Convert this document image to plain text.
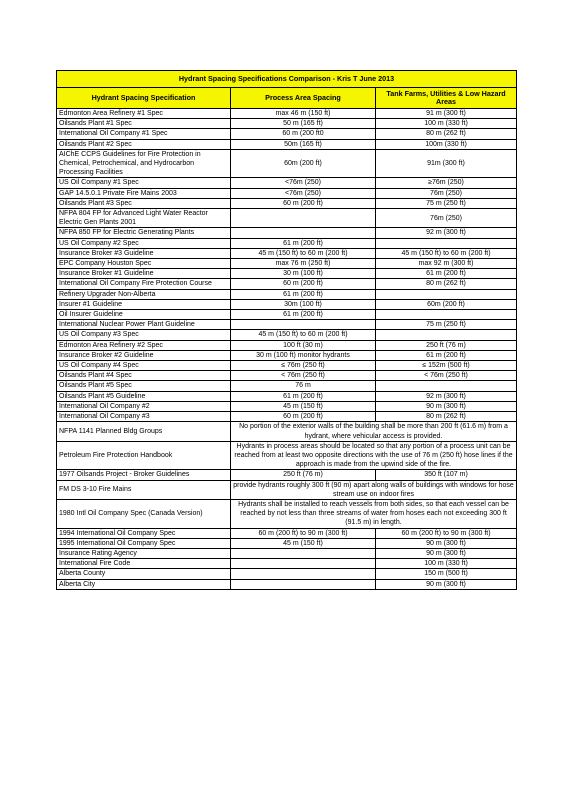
Hydrant Spacing Specifications Comparison - Kris T June 2013		
Hydrant Spacing Specification	Process Area Spacing	Tank Farms, Utilities & Low Hazard Areas
Edmonton Area Refinery #1 Spec	max 46 m (150 ft)	91 m (300 ft)
Oilsands Plant #1 Spec	50 m (165 ft)	100 m (330 ft)
International Oil Company #1 Spec	60 m (200 ft0	80 m (262 ft)
Oilsands Plant #2 Spec	50m (165 ft)	100m (330 ft)
AIChE CCPS Guidelines for Fire Protection in Chemical, Petrochemical, and Hydrocarbon Processing Facilities	60m (200 ft)	91m (300 ft)
US Oil Company #1 Spec	<76m (250)	≥76m (250)
GAP 14.5.0.1 Private Fire Mains 2003	<76m (250)	76m (250)
Oilsands Plant #3 Spec	60 m (200 ft)	75 m (250 ft)
NFPA 804 FP for Advanced Light Water Reactor Electric Gen Plants 2001		76m (250)
NFPA 850 FP for Electric Generating Plants		92 m (300 ft)
US Oil Company #2 Spec	61 m (200 ft)	
Insurance Broker #3 Guideline	45 m (150 ft) to 60 m (200 ft)	45 m (150 ft) to 60 m (200 ft)
EPC Company Houston Spec	max 76 m (250 ft)	max 92 m (300 ft)
Insurance Broker #1 Guideline	30 m (100 ft)	61 m (200 ft)
International Oil Company Fire Protection Course	60 m (200 ft)	80 m (262 ft)
Refinery Upgrader Non-Alberta	61 m (200 ft)	
Insurer #1 Guideline	30m (100 ft)	60m (200 ft)
Oil Insurer Guideline	61 m (200 ft)	
International Nuclear Power Plant Guideline		75 m (250 ft)
US Oil Company #3 Spec	45 m (150 ft) to 60 m (200 ft)	
Edmonton Area Refinery #2 Spec	100 ft (30 m)	250 ft (76 m)
Insurance Broker #2 Guideline	30 m (100 ft) monitor hydrants	61 m (200 ft)
US Oil Company #4 Spec	≤ 76m (250 ft)	≤ 152m (500 ft)
Oilsands Plant #4 Spec	< 76m (250 ft)	< 76m (250 ft)
Oilsands Plant #5 Spec	76 m	
Oilsands Plant #5 Guideline	61 m (200 ft)	92 m (300 ft)
International Oil Company #2	45 m (150 ft)	90 m (300 ft)
International Oil Company #3	60 m (200 ft)	80 m (262 ft)
NFPA 1141 Planned Bldg Groups	No portion of the exterior walls of the building shall be more than 200 ft (61.6 m) from a hydrant, where vehicular access is provided.	
Petroleum Fire Protection Handbook	Hydrants in process areas should be located so that any portion of a process unit can be reached from at least two opposite directions with the use of 76 m (250 ft) hose lines if the approach is made from the upwind side of the fire.	
1977 Oilsands Project - Broker Guidelines	250 ft (76 m)	350 ft (107 m)
FM DS 3-10 Fire Mains	provide hydrants roughly 300 ft (90 m) apart along walls of buildings with windows for hose stream use on indoor fires	
1980 Intl Oil Company Spec (Canada Version)	Hydrants shall be installed to reach vessels from both sides, so that each vessel can be reached by not less than three streams of water from hoses each not exceeding 300 ft (91.5 m) in length.	
1994 International Oil Company Spec	60 m (200 ft) to 90 m (300 ft)	60 m (200 ft) to 90 m (300 ft)
1995 International Oil Company Spec	45 m (150 ft)	90 m (300 ft)
Insurance Rating Agency		90 m (300 ft)
International Fire Code		100 m (330 ft)
Alberta County		150 m (500 ft)
Alberta City		90 m (300 ft)
